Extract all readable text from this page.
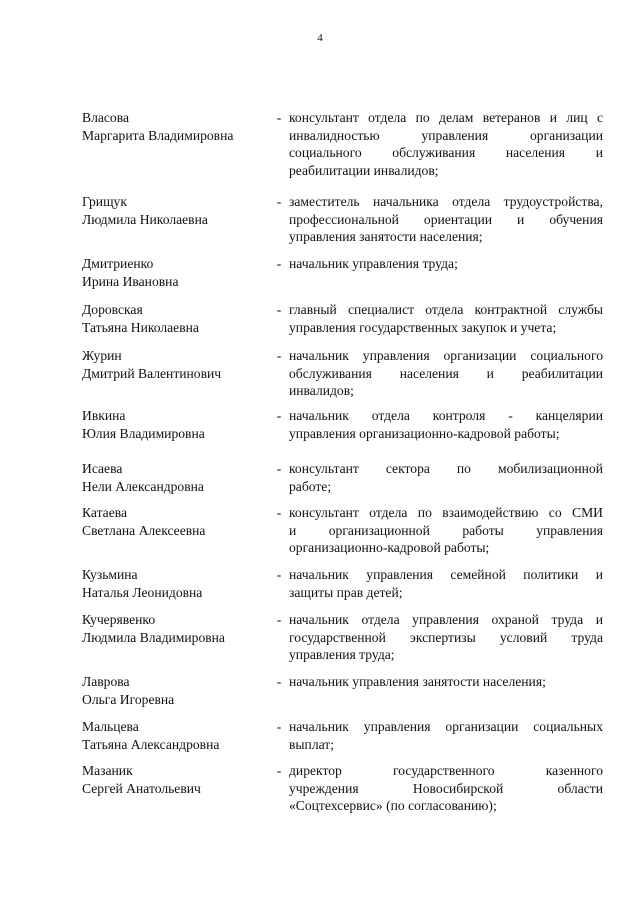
4
Власова
Маргарита Владимировна
- консультант отдела по делам ветеранов и лиц с
инвалидностью управления организации
социального обслуживания населения и
реабилитации инвалидов;
Грищук
Людмила Николаевна
- заместитель начальника отдела трудоустройства,
профессиональной ориентации и обучения
управления занятости населения;
Дмитриенко
Ирина Ивановна
- начальник управления труда;
Доровская
Татьяна Николаевна
- главный специалист отдела контрактной службы
управления государственных закупок и учета;
Журин
Дмитрий Валентинович
- начальник управления организации социального
обслуживания населения и реабилитации
инвалидов;
Ивкина
Юлия Владимировна
- начальник отдела контроля - канцелярии
управления организационно-кадровой работы;
Исаева
Нели Александровна
- консультант сектора по мобилизационной
работе;
Катаева
Светлана Алексеевна
- консультант отдела по взаимодействию со СМИ
и организационной работы управления
организационно-кадровой работы;
Кузьмина
Наталья Леонидовна
- начальник управления семейной политики и
защиты прав детей;
Кучерявенко
Людмила Владимировна
- начальник отдела управления охраной труда и
государственной экспертизы условий труда
управления труда;
Лаврова
Ольга Игоревна
- начальник управления занятости населения;
Мальцева
Татьяна Александровна
- начальник управления организации социальных
выплат;
Мазаник
Сергей Анатольевич
- директор государственного казенного
учреждения Новосибирской области
«Соцтехсервис» (по согласованию);
